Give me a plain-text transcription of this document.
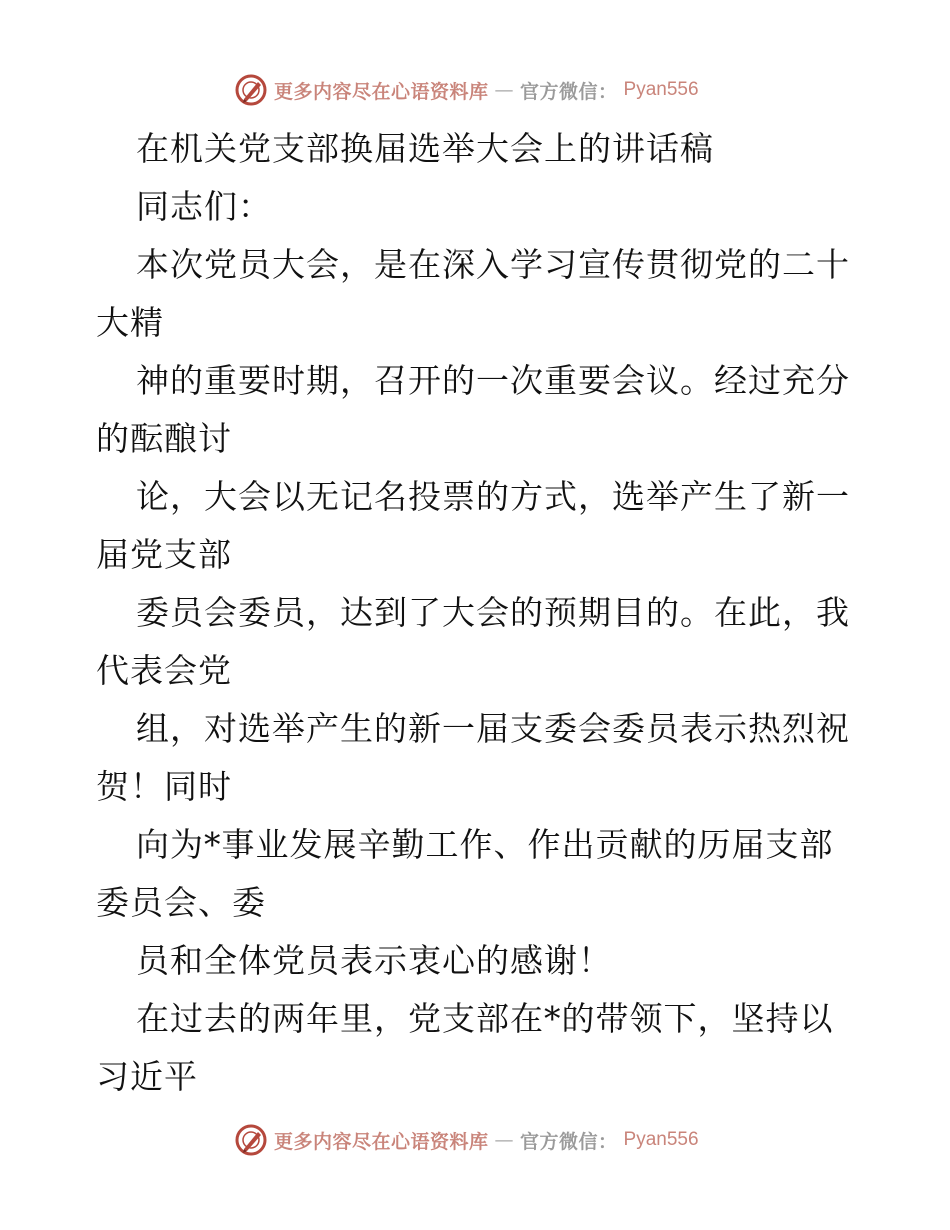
更多内容尽在心语资料库 — 官方微信： Pyan556
在机关党支部换届选举大会上的讲话稿
同志们：
本次党员大会，是在深入学习宣传贯彻党的二十
大精
神的重要时期，召开的一次重要会议。经过充分
的酝酿讨
论，大会以无记名投票的方式，选举产生了新一
届党支部
委员会委员，达到了大会的预期目的。在此，我
代表会党
组，对选举产生的新一届支委会委员表示热烈祝
贺！同时
向为*事业发展辛勤工作、作出贡献的历届支部
委员会、委
员和全体党员表示衷心的感谢！
在过去的两年里，党支部在*的带领下，坚持以
习近平
更多内容尽在心语资料库 — 官方微信： Pyan556
